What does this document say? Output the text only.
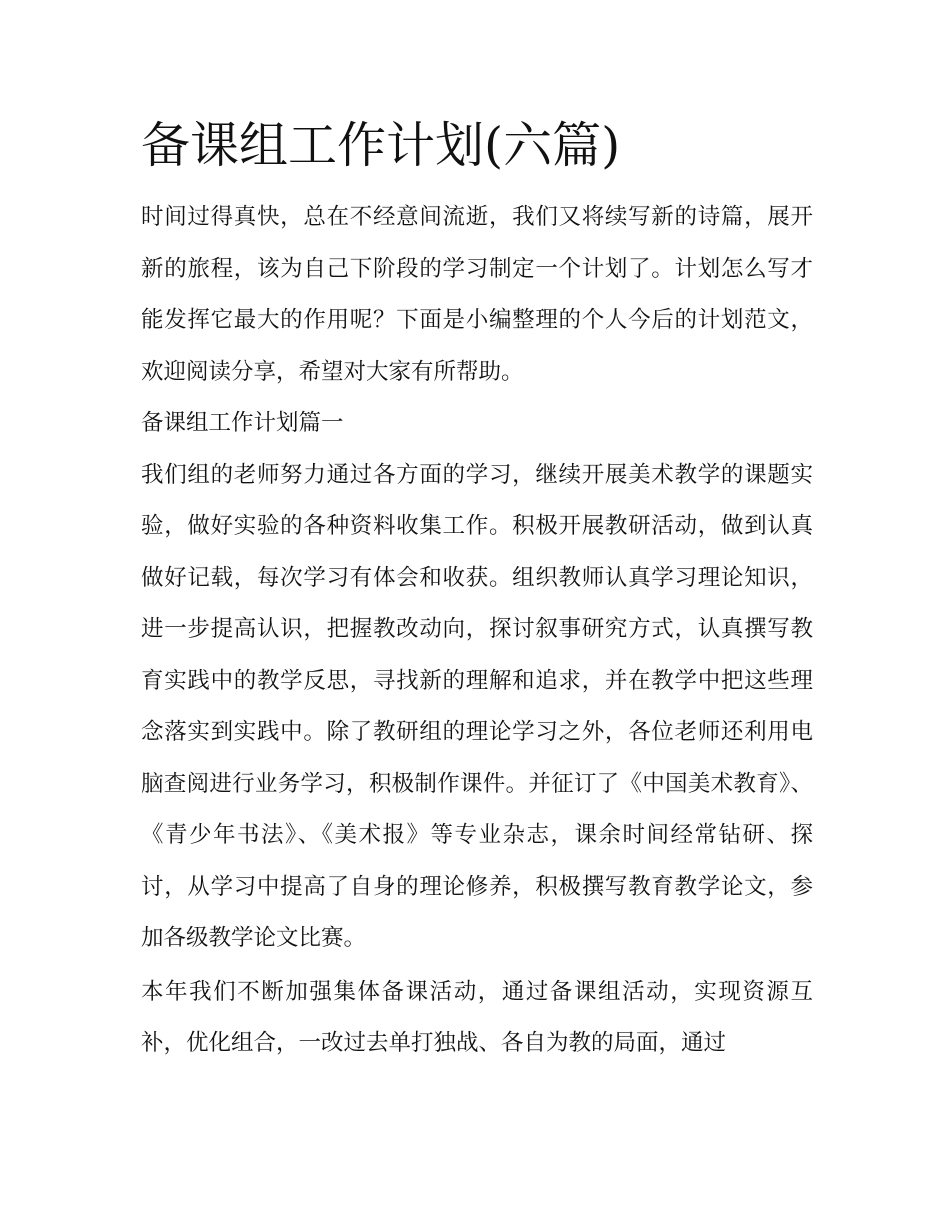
备课组工作计划(六篇)

时间过得真快，总在不经意间流逝，我们又将续写新的诗篇，展开新的旅程，该为自己下阶段的学习制定一个计划了。计划怎么写才能发挥它最大的作用呢？下面是小编整理的个人今后的计划范文，欢迎阅读分享，希望对大家有所帮助。

备课组工作计划篇一

我们组的老师努力通过各方面的学习，继续开展美术教学的课题实验，做好实验的各种资料收集工作。积极开展教研活动，做到认真做好记载，每次学习有体会和收获。组织教师认真学习理论知识，进一步提高认识，把握教改动向，探讨叙事研究方式，认真撰写教育实践中的教学反思，寻找新的理解和追求，并在教学中把这些理念落实到实践中。除了教研组的理论学习之外，各位老师还利用电脑查阅进行业务学习，积极制作课件。并征订了《中国美术教育》、《青少年书法》、《美术报》等专业杂志，课余时间经常钻研、探讨，从学习中提高了自身的理论修养，积极撰写教育教学论文，参加各级教学论文比赛。

本年我们不断加强集体备课活动，通过备课组活动，实现资源互补，优化组合，一改过去单打独战、各自为教的局面，通过
